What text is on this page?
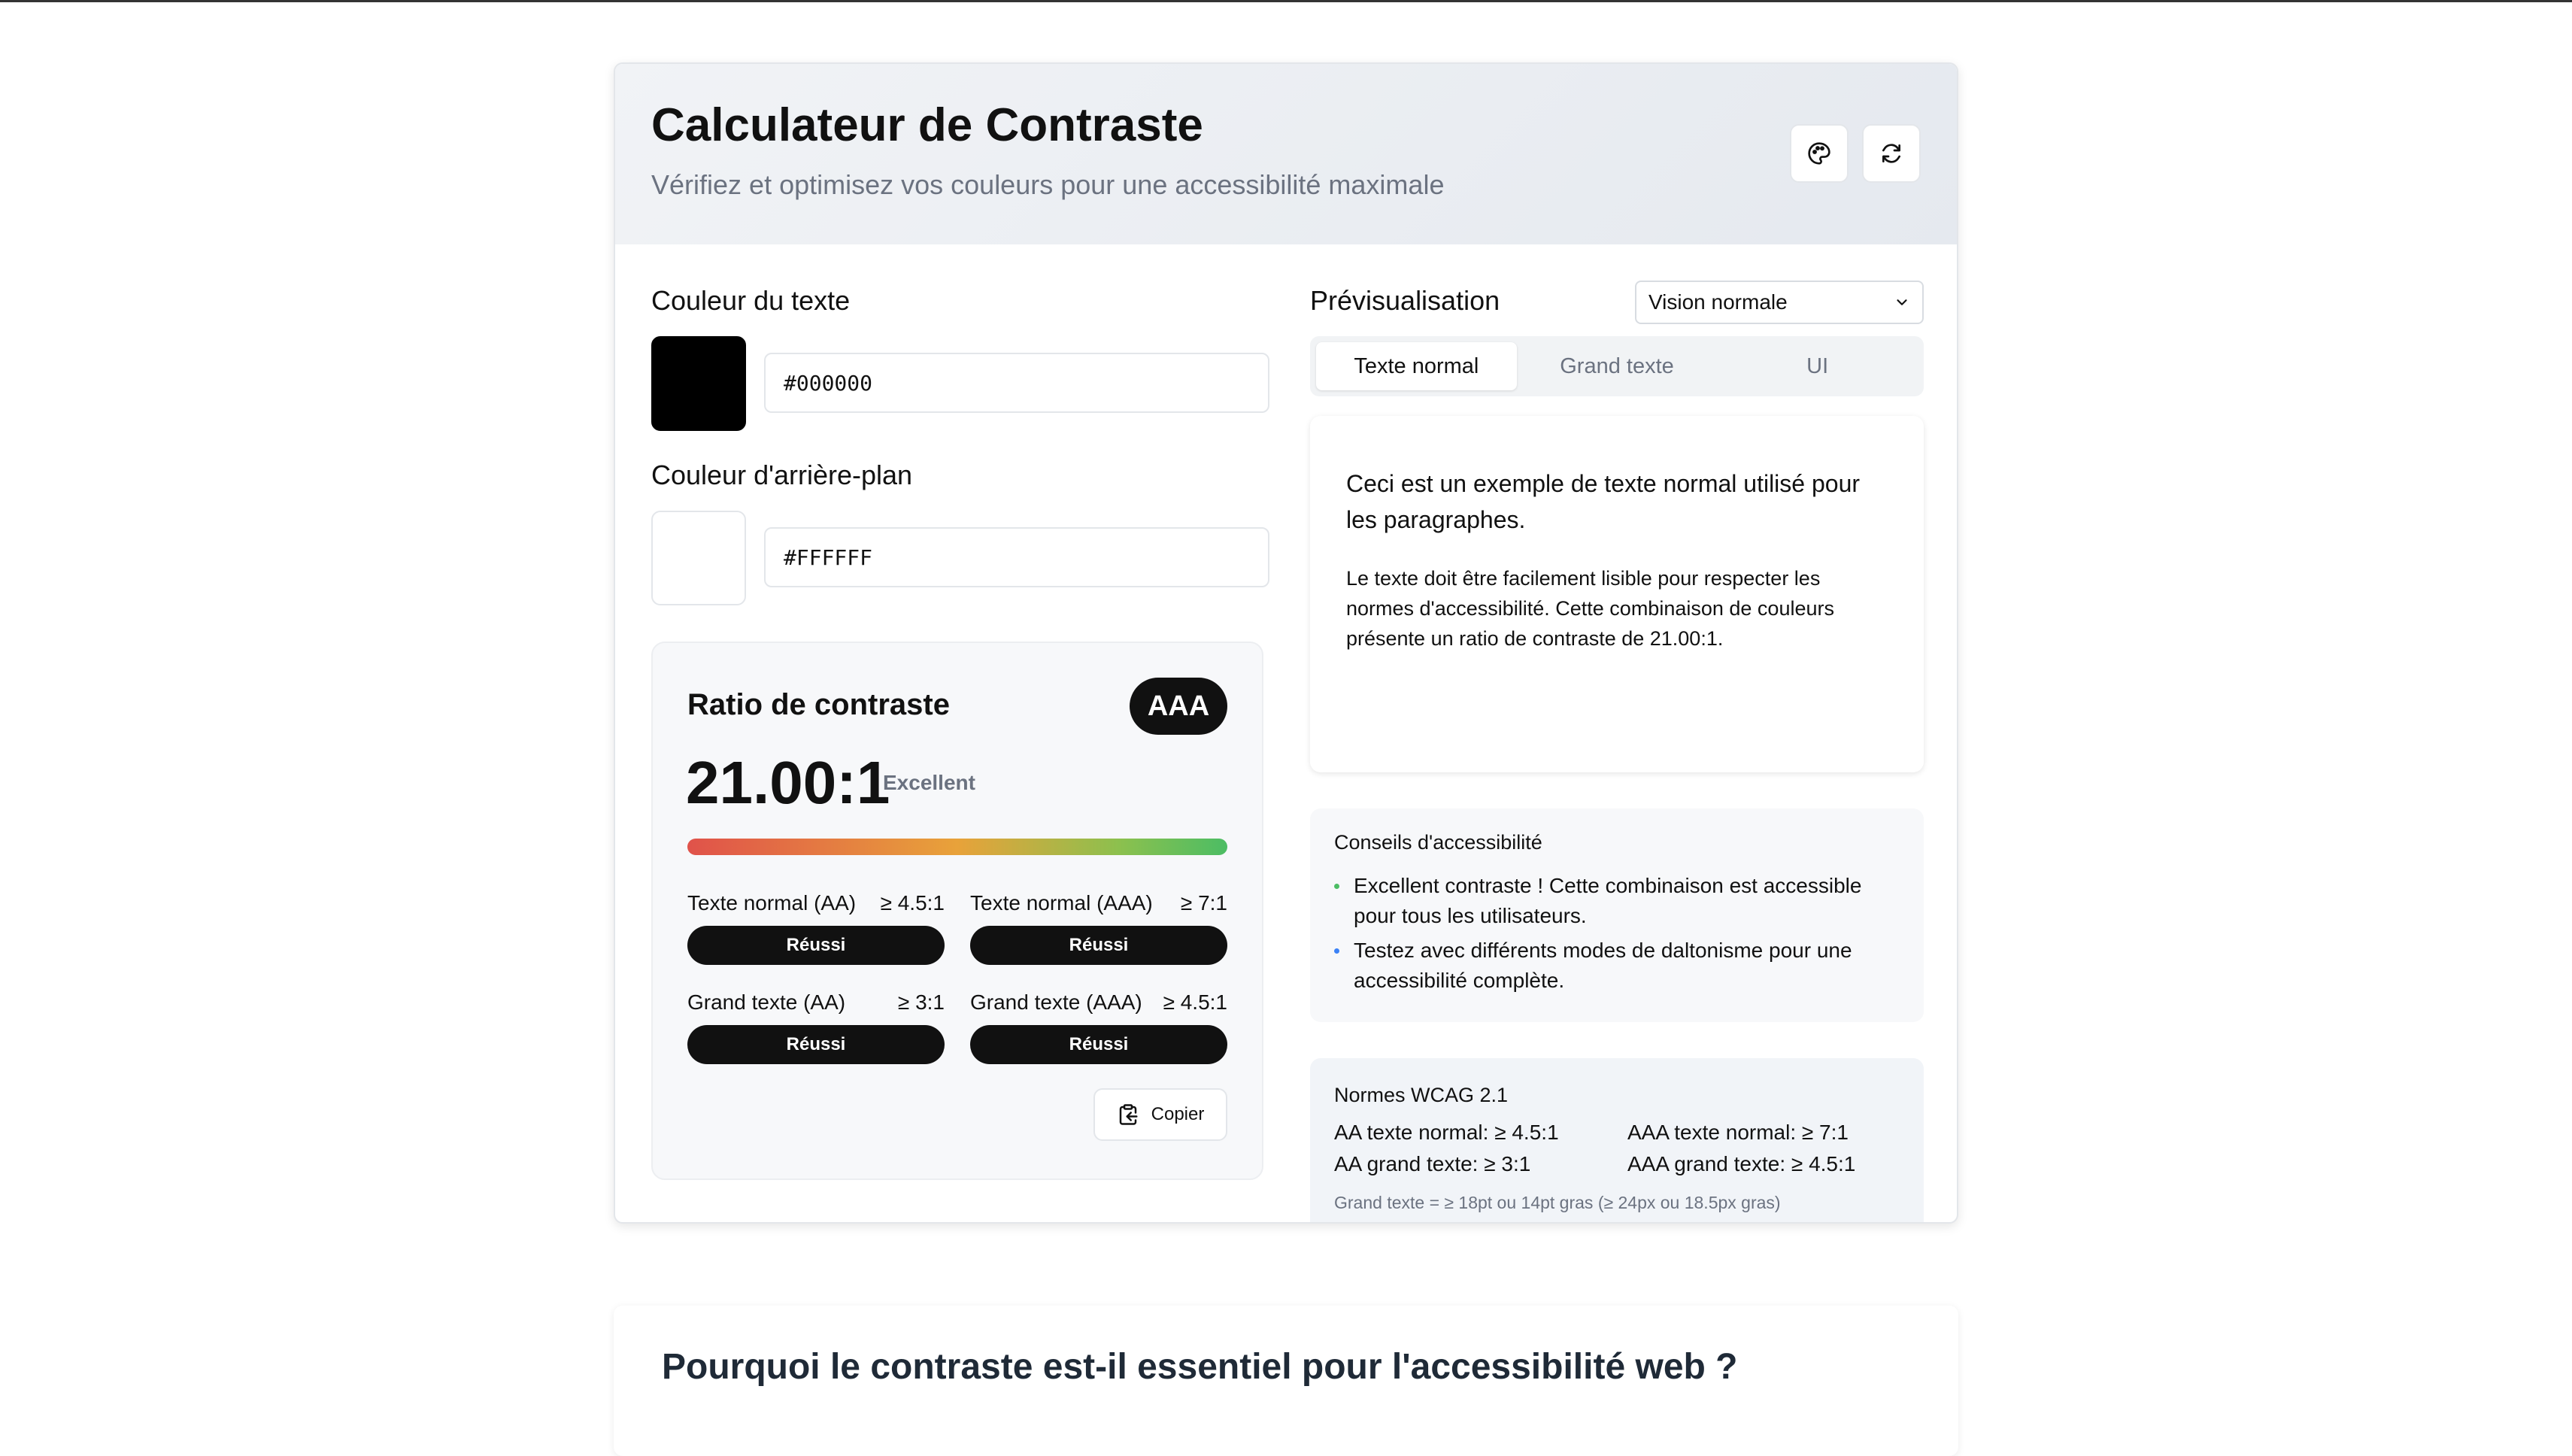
Calculateur de Contraste
Vérifiez et optimisez vos couleurs pour une accessibilité maximale
Couleur du texte
#000000
Couleur d'arrière-plan
#FFFFFF
Ratio de contraste	AAA
21.00:1
Excellent
Texte normal (AA) ≥ 4.5:1
Réussi
Texte normal (AAA) ≥ 7:1
Réussi
Grand texte (AA) ≥ 3:1
Réussi
Grand texte (AAA) ≥ 4.5:1
Réussi
Copier
Prévisualisation	Vision normale
Texte normal	Grand texte	UI

Ceci est un exemple de texte normal utilisé pour les paragraphes.

Le texte doit être facilement lisible pour respecter les normes d'accessibilité. Cette combinaison de couleurs présente un ratio de contraste de 21.00:1.

Conseils d'accessibilité
Excellent contraste ! Cette combinaison est accessible pour tous les utilisateurs.
Testez avec différents modes de daltonisme pour une accessibilité complète.
Normes WCAG 2.1
AA texte normal: ≥ 4.5:1	AAA texte normal: ≥ 7:1
AA grand texte: ≥ 3:1	AAA grand texte: ≥ 4.5:1
Grand texte = ≥ 18pt ou 14pt gras (≥ 24px ou 18.5px gras)
Pourquoi le contraste est-il essentiel pour l'accessibilité web ?
